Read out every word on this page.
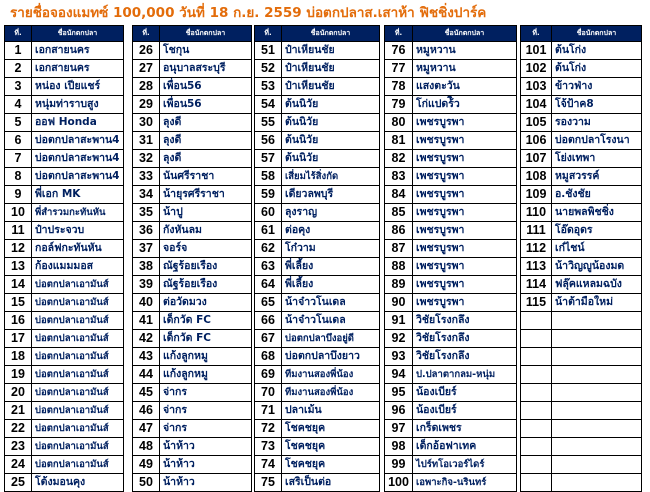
รายชื่อจองแมทซ์ 100,000 วันที่ 18 ก.ย. 2559 บ่อตกปลาส.เสาห้า ฟิชชิ่งปาร์ค
ที่.	ชื่อนักตกปลา
1	เอกสายนคร
2	เอกสายนคร
3	หน่อง เปียแชร์
4	หนุ่มท่าราบสูง
5	ออฟ Honda
6	บ่อตกปลาสะพาน4
7	บ่อตกปลาสะพาน4
8	บ่อตกปลาสะพาน4
9	พี่เอก MK
10	พี่สำรวมกะทันหัน
11	ป๋าประจวบ
12	กอล์ฟกะทันหัน
13	ก้องแมมมอส
14	บ่อตกปลาเอามันส์
15	บ่อตกปลาเอามันส์
16	บ่อตกปลาเอามันส์
17	บ่อตกปลาเอามันส์
18	บ่อตกปลาเอามันส์
19	บ่อตกปลาเอามันส์
20	บ่อตกปลาเอามันส์
21	บ่อตกปลาเอามันส์
22	บ่อตกปลาเอามันส์
23	บ่อตกปลาเอามันส์
24	บ่อตกปลาเอามันส์
25	โต้งมอนคุง
ที่.	ชื่อนักตกปลา
26	โชกุน
27	อนุบาลสระบุรี
28	เพื่อน56
29	เพื่อน56
30	ลุงดี
31	ลุงดี
32	ลุงดี
33	นันศรีราชา
34	น้ายุรศรีราชา
35	น้าปู
36	กังหันลม
37	จอร์จ
38	ณัฐร้อยเรือง
39	ณัฐร้อยเรือง
40	ต่อวัดมวง
41	เด็กวัด FC
42	เด็กวัด FC
43	แก้งลูกหมู
44	แก้งลูกหมู
45	จ่ากร
46	จ่ากร
47	จ่ากร
48	น้าห้าว
49	น้าห้าว
50	น้าห้าว
ที่.	ชื่อนักตกปลา
51	ป๋าเหียนชัย
52	ป๋าเหียนชัย
53	ป๋าเหียนชัย
54	ต้นนิวัย
55	ต้นนิวัย
56	ต้นนิวัย
57	ต้นนิวัย
58	เสี่ยมไร้สิ่งกัด
59	เดียวลพบุรี
60	ลุงราญ
61	ต่อคุง
62	โก๋วาม
63	พี่เลี้ยง
64	พี่เลี้ยง
65	น้าจ๋าวโนเดล
66	น้าจ๋าวโนเดล
67	บ่อตกปลาบึงอยู่ดี
68	บ่อตกปลาบึงยาว
69	ทีมงานสองพี่น้อง
70	ทีมงานสองพี่น้อง
71	ปลาเม้น
72	โชคชยุค
73	โชคชยุค
74	โชคชยุค
75	เสริเป็นต่อ
ที่.	ชื่อนักตกปลา
76	หมูหวาน
77	หมูหวาน
78	แสงตะวัน
79	โก่แปดร้ิว
80	เพชรบูรพา
81	เพชรบูรพา
82	เพชรบูรพา
83	เพชรบูรพา
84	เพชรบูรพา
85	เพชรบูรพา
86	เพชรบูรพา
87	เพชรบูรพา
88	เพชรบูรพา
89	เพชรบูรพา
90	เพชรบูรพา
91	วิชัยโรงกลึง
92	วิชัยโรงกลึง
93	วิชัยโรงกลึง
94	ป.ปลาตากลม-หนุ่ม
95	น้องเบียร์
96	น้องเบียร์
97	เกร็ดเพชร
98	เด็กอ้อฟาเทค
99	ไปร์ทโอเวอร์ไดร์
100	เอพาะกิจ-นรินทร์
ที่.	ชื่อนักตกปลา
101	ต้นโก่ง
102	ต้นโก่ง
103	ข้าวฟ่าง
104	โจ้ป้าค8
105	รองวาม
106	บ่อตกปลาโรงนา
107	โย่งเทพา
108	หมูสวรรค์
109	อ.ชังชัย
110	นายพลพิชชิ่ง
111	โอ๊ดอุดร
112	เก๋ไชน์
113	น้าวิญญูน้องมด
114	ฟลุ๊คแหลมฉบัง
115	น้าต้ามือใหม่
